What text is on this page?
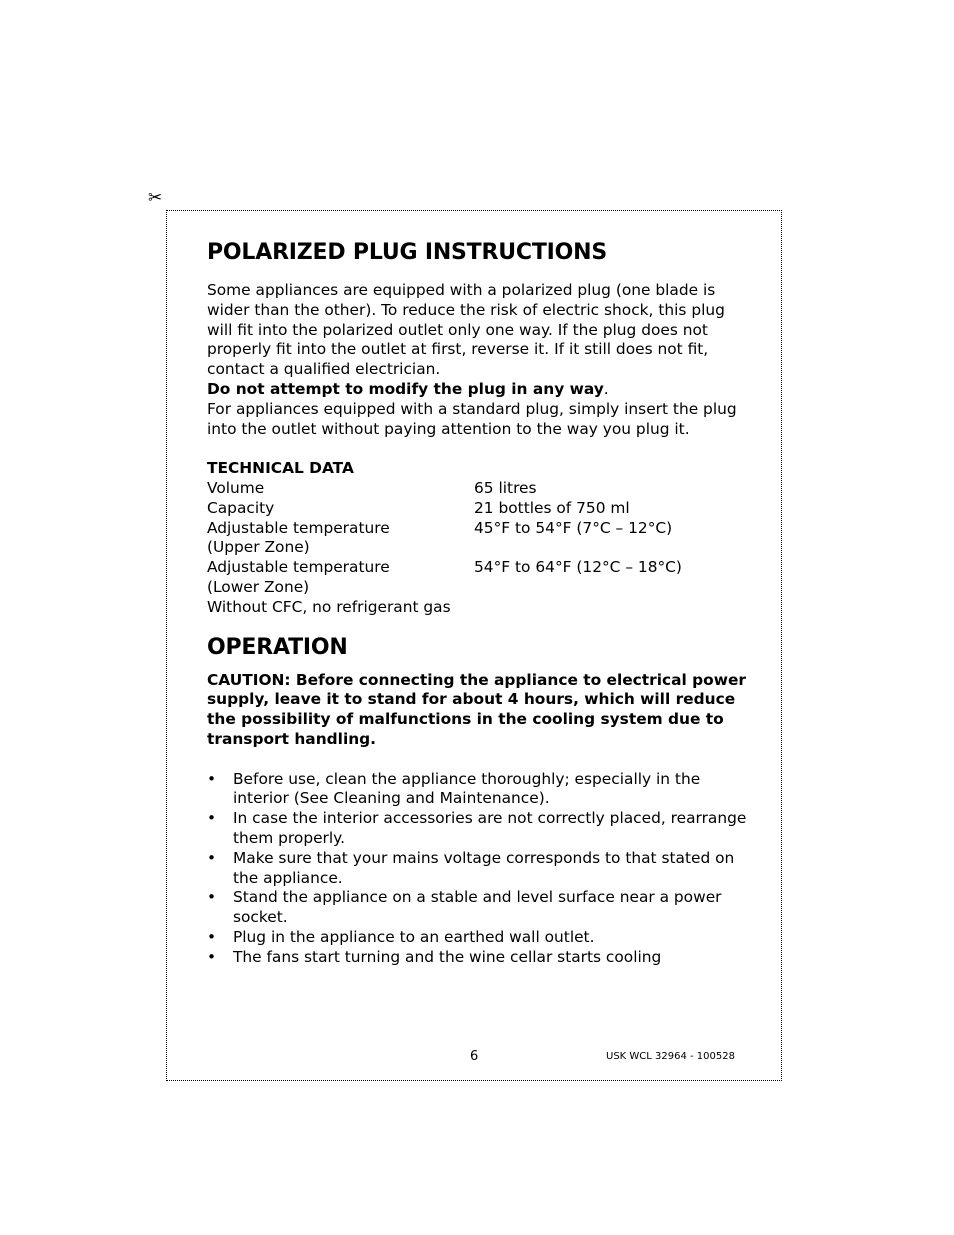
✂
POLARIZED PLUG INSTRUCTIONS

Some appliances are equipped with a polarized plug (one blade is wider than the other). To reduce the risk of electric shock, this plug will fit into the polarized outlet only one way. If the plug does not properly fit into the outlet at first, reverse it. If it still does not fit, contact a qualified electrician.

Do not attempt to modify the plug in any way.

For appliances equipped with a standard plug, simply insert the plug into the outlet without paying attention to the way you plug it.

TECHNICAL DATA

Volume	65 litres
Capacity	21 bottles of 750 ml
Adjustable temperature	45°F to 54°F (7°C – 12°C)
(Upper Zone)
Adjustable temperature	54°F to 64°F (12°C – 18°C)
(Lower Zone)
Without CFC, no refrigerant gas
OPERATION

CAUTION: Before connecting the appliance to electrical power supply, leave it to stand for about 4 hours, which will reduce the possibility of malfunctions in the cooling system due to transport handling.

• Before use, clean the appliance thoroughly; especially in the interior (See Cleaning and Maintenance).
• In case the interior accessories are not correctly placed, rearrange them properly.
• Make sure that your mains voltage corresponds to that stated on the appliance.
• Stand the appliance on a stable and level surface near a power socket.
• Plug in the appliance to an earthed wall outlet.
• The fans start turning and the wine cellar starts cooling
6	USK WCL 32964 - 100528
